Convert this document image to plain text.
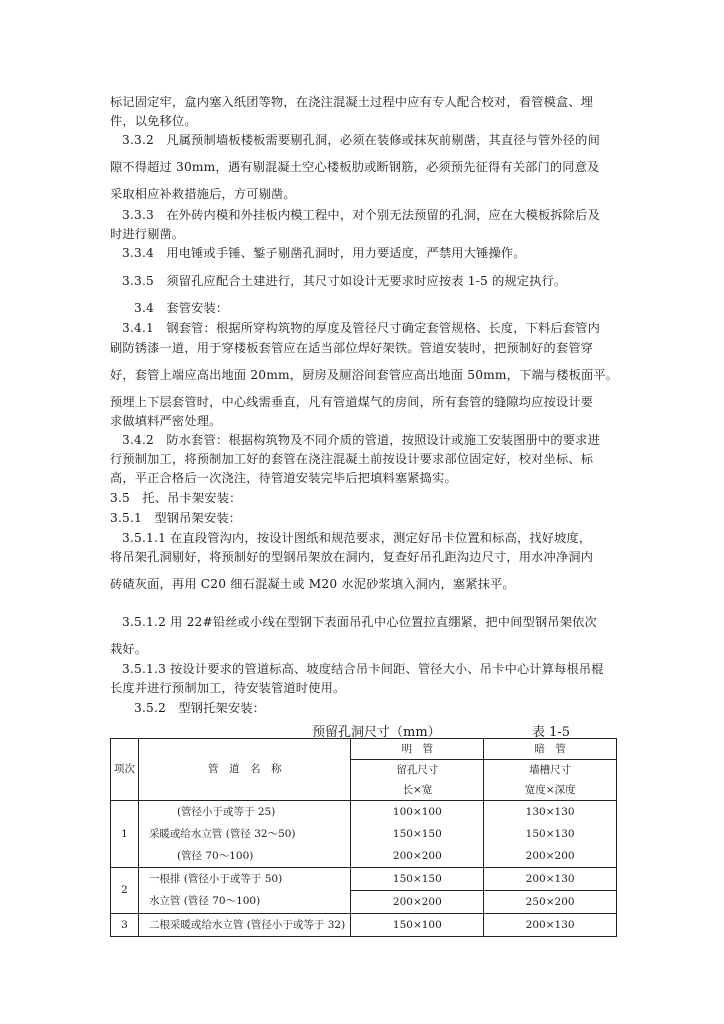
标记固定牢，盒内塞入纸团等物，在浇注混凝土过程中应有专人配合校对，看管模盒、埋
件，以免移位。
3.3.2　凡属预制墙板楼板需要剔孔洞，必须在装修或抹灰前剔凿，其直径与管外径的间
隙不得超过 30mm，遇有剔混凝土空心楼板肋或断钢筋，必须预先征得有关部门的同意及
采取相应补救措施后，方可剔凿。
3.3.3　在外砖内模和外挂板内模工程中，对个别无法预留的孔洞，应在大模板拆除后及
时进行剔凿。
3.3.4　用电锤或手锤、錾子剔凿孔洞时，用力要适度，严禁用大锤操作。
3.3.5　须留孔应配合土建进行，其尺寸如设计无要求时应按表 1-5 的规定执行。
3.4　套管安装：
3.4.1　钢套管：根据所穿构筑物的厚度及管径尺寸确定套管规格、长度，下料后套管内
刷防锈漆一道，用于穿楼板套管应在适当部位焊好架铁。管道安装时，把预制好的套管穿
好，套管上端应高出地面 20mm，厨房及厕浴间套管应高出地面 50mm，下端与楼板面平。
预埋上下层套管时，中心线需垂直，凡有管道煤气的房间，所有套管的缝隙均应按设计要
求做填料严密处理。
3.4.2　防水套管：根据构筑物及不同介质的管道，按照设计或施工安装图册中的要求进
行预制加工，将预制加工好的套管在浇注混凝土前按设计要求部位固定好，校对坐标、标
高，平正合格后一次浇注，待管道安装完毕后把填料塞紧捣实。
3.5　托、吊卡架安装：
3.5.1　型钢吊架安装：
3.5.1.1 在直段管沟内，按设计图纸和规范要求，测定好吊卡位置和标高，找好坡度，
将吊架孔洞剔好，将预制好的型钢吊架放在洞内，复查好吊孔距沟边尺寸，用水冲净洞内
砖碴灰面，再用 C20 细石混凝土或 M20 水泥砂浆填入洞内，塞紧抹平。
3.5.1.2 用 22#铅丝或小线在型钢下表面吊孔中心位置拉直绷紧，把中间型钢吊架依次
栽好。
3.5.1.3 按设计要求的管道标高、坡度结合吊卡间距、管径大小、吊卡中心计算每根吊棍
长度并进行预制加工，待安装管道时使用。
3.5.2　型钢托架安装：
预留孔洞尺寸（mm）	表 1-5
项次	管　道　名　称	明　管	暗　管
		留孔尺寸	墙槽尺寸
		长×宽	宽度×深度
1	(管径小于或等于 25)	100×100	130×130
	采暖或给水立管 (管径 32～50)	150×150	150×130
	(管径 70～100)	200×200	200×200
2	一根排 (管径小于或等于 50)	150×150	200×130
	水立管 (管径 70～100)	200×200	250×200
3	二根采暖或给水立管 (管径小于或等于 32)	150×100	200×130
